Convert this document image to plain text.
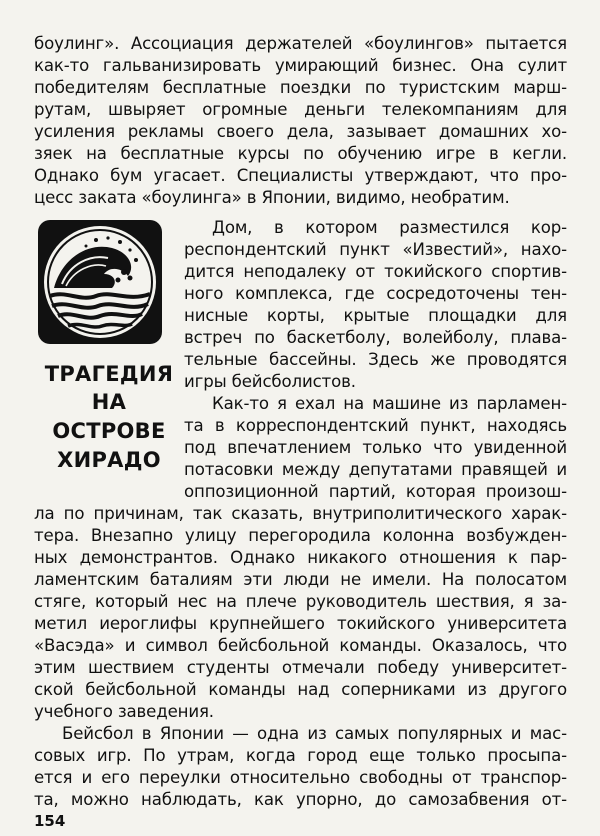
боулинг». Ассоциация держателей «боулингов» пытается
как-то гальванизировать умирающий бизнес. Она сулит
победителям бесплатные поездки по туристским марш-
рутам, швыряет огромные деньги телекомпаниям для
усиления рекламы своего дела, зазывает домашних хо-
зяек на бесплатные курсы по обучению игре в кегли.
Однако бум угасает. Специалисты утверждают, что про-
цесс заката «боулинга» в Японии, видимо, необратим.
ТРАГЕДИЯ
НА
ОСТРОВЕ
ХИРАДО
Дом, в котором разместился кор-
респондентский пункт «Известий», нахо-
дится неподалеку от токийского спортив-
ного комплекса, где сосредоточены тен-
нисные корты, крытые площадки для
встреч по баскетболу, волейболу, плава-
тельные бассейны. Здесь же проводятся
игры бейсболистов.
Как-то я ехал на машине из парламен-
та в корреспондентский пункт, находясь
под впечатлением только что увиденной
потасовки между депутатами правящей и
оппозиционной партий, которая произош-
ла по причинам, так сказать, внутриполитического харак-
тера. Внезапно улицу перегородила колонна возбужден-
ных демонстрантов. Однако никакого отношения к пар-
ламентским баталиям эти люди не имели. На полосатом
стяге, который нес на плече руководитель шествия, я за-
метил иероглифы крупнейшего токийского университета
«Васэда» и символ бейсбольной команды. Оказалось, что
этим шествием студенты отмечали победу университет-
ской бейсбольной команды над соперниками из другого
учебного заведения.
Бейсбол в Японии — одна из самых популярных и мас-
совых игр. По утрам, когда город еще только просыпа-
ется и его переулки относительно свободны от транспор-
та, можно наблюдать, как упорно, до самозабвения от-
154
